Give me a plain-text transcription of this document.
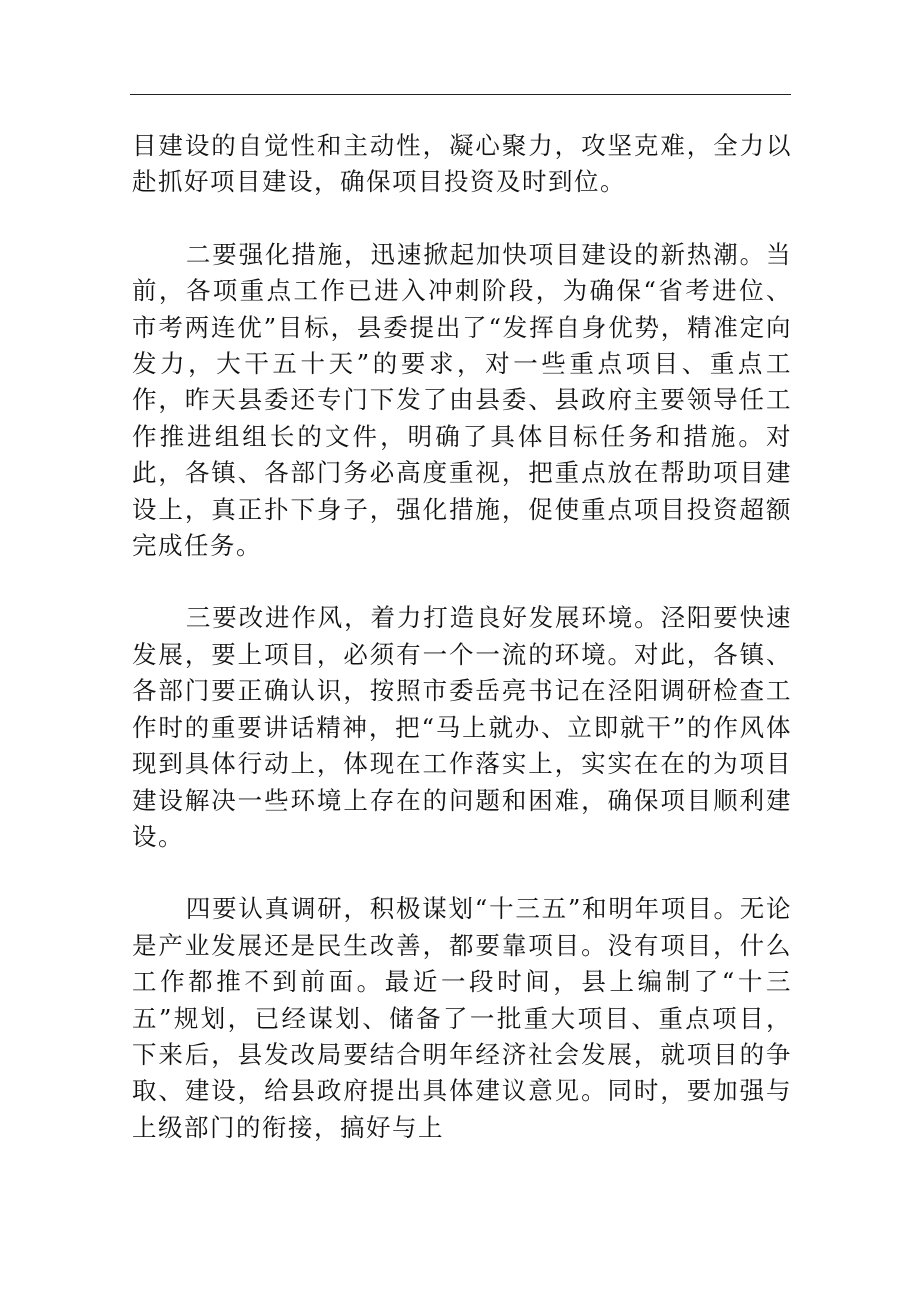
目建设的自觉性和主动性，凝心聚力，攻坚克难，全力以赴抓好项目建设，确保项目投资及时到位。

二要强化措施，迅速掀起加快项目建设的新热潮。当前，各项重点工作已进入冲刺阶段，为确保“省考进位、市考两连优”目标，县委提出了“发挥自身优势，精准定向发力，大干五十天”的要求，对一些重点项目、重点工作，昨天县委还专门下发了由县委、县政府主要领导任工作推进组组长的文件，明确了具体目标任务和措施。对此，各镇、各部门务必高度重视，把重点放在帮助项目建设上，真正扑下身子，强化措施，促使重点项目投资超额完成任务。

三要改进作风，着力打造良好发展环境。泾阳要快速发展，要上项目，必须有一个一流的环境。对此，各镇、各部门要正确认识，按照市委岳亮书记在泾阳调研检查工作时的重要讲话精神，把“马上就办、立即就干”的作风体现到具体行动上，体现在工作落实上，实实在在的为项目建设解决一些环境上存在的问题和困难，确保项目顺利建设。

四要认真调研，积极谋划“十三五”和明年项目。无论是产业发展还是民生改善，都要靠项目。没有项目，什么工作都推不到前面。最近一段时间，县上编制了“十三五”规划，已经谋划、储备了一批重大项目、重点项目，下来后，县发改局要结合明年经济社会发展，就项目的争取、建设，给县政府提出具体建议意见。同时，要加强与上级部门的衔接，搞好与上
